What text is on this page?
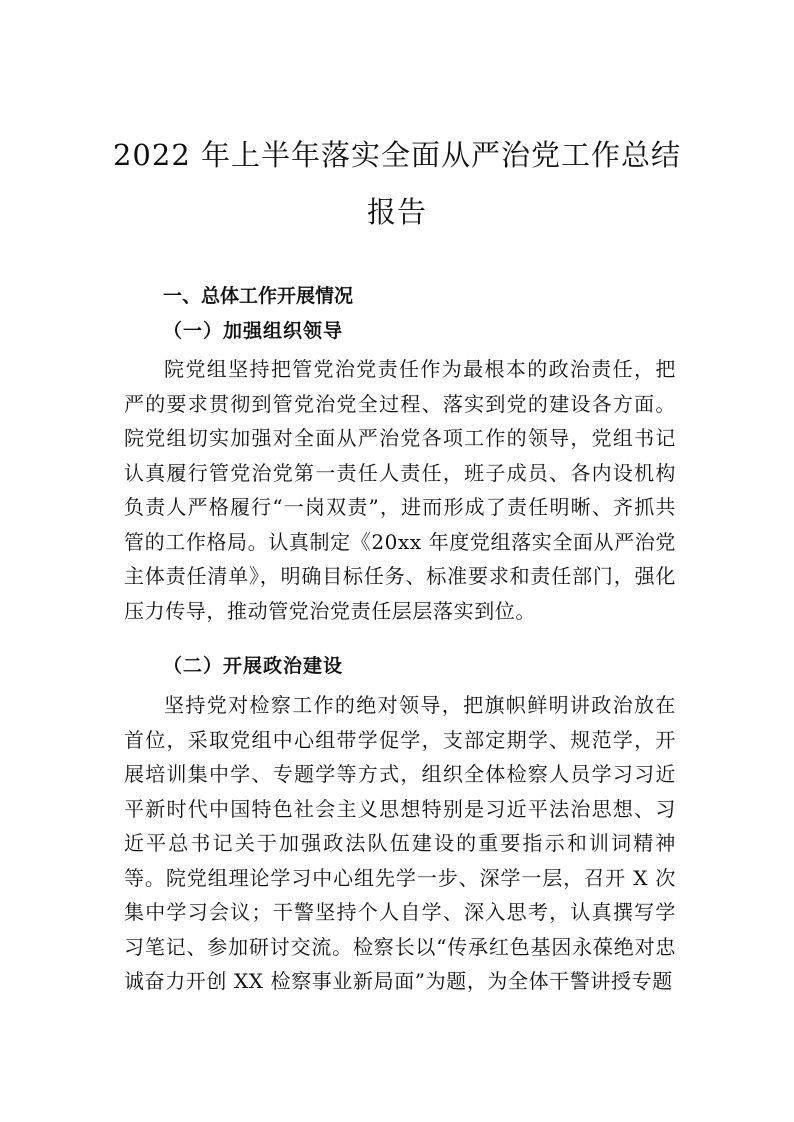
2022 年上半年落实全面从严治党工作总结
报告
一、总体工作开展情况
（一）加强组织领导

院党组坚持把管党治党责任作为最根本的政治责任，把严的要求贯彻到管党治党全过程、落实到党的建设各方面。院党组切实加强对全面从严治党各项工作的领导，党组书记认真履行管党治党第一责任人责任，班子成员、各内设机构负责人严格履行“一岗双责”，进而形成了责任明晰、齐抓共管的工作格局。认真制定《20xx 年度党组落实全面从严治党主体责任清单》，明确目标任务、标准要求和责任部门，强化压力传导，推动管党治党责任层层落实到位。

（二）开展政治建设

坚持党对检察工作的绝对领导，把旗帜鲜明讲政治放在首位，采取党组中心组带学促学，支部定期学、规范学，开展培训集中学、专题学等方式，组织全体检察人员学习习近平新时代中国特色社会主义思想特别是习近平法治思想、习近平总书记关于加强政法队伍建设的重要指示和训词精神等。院党组理论学习中心组先学一步、深学一层，召开 X 次集中学习会议；干警坚持个人自学、深入思考，认真撰写学习笔记、参加研讨交流。检察长以“传承红色基因永葆绝对忠诚奋力开创 XX 检察事业新局面”为题，为全体干警讲授专题
